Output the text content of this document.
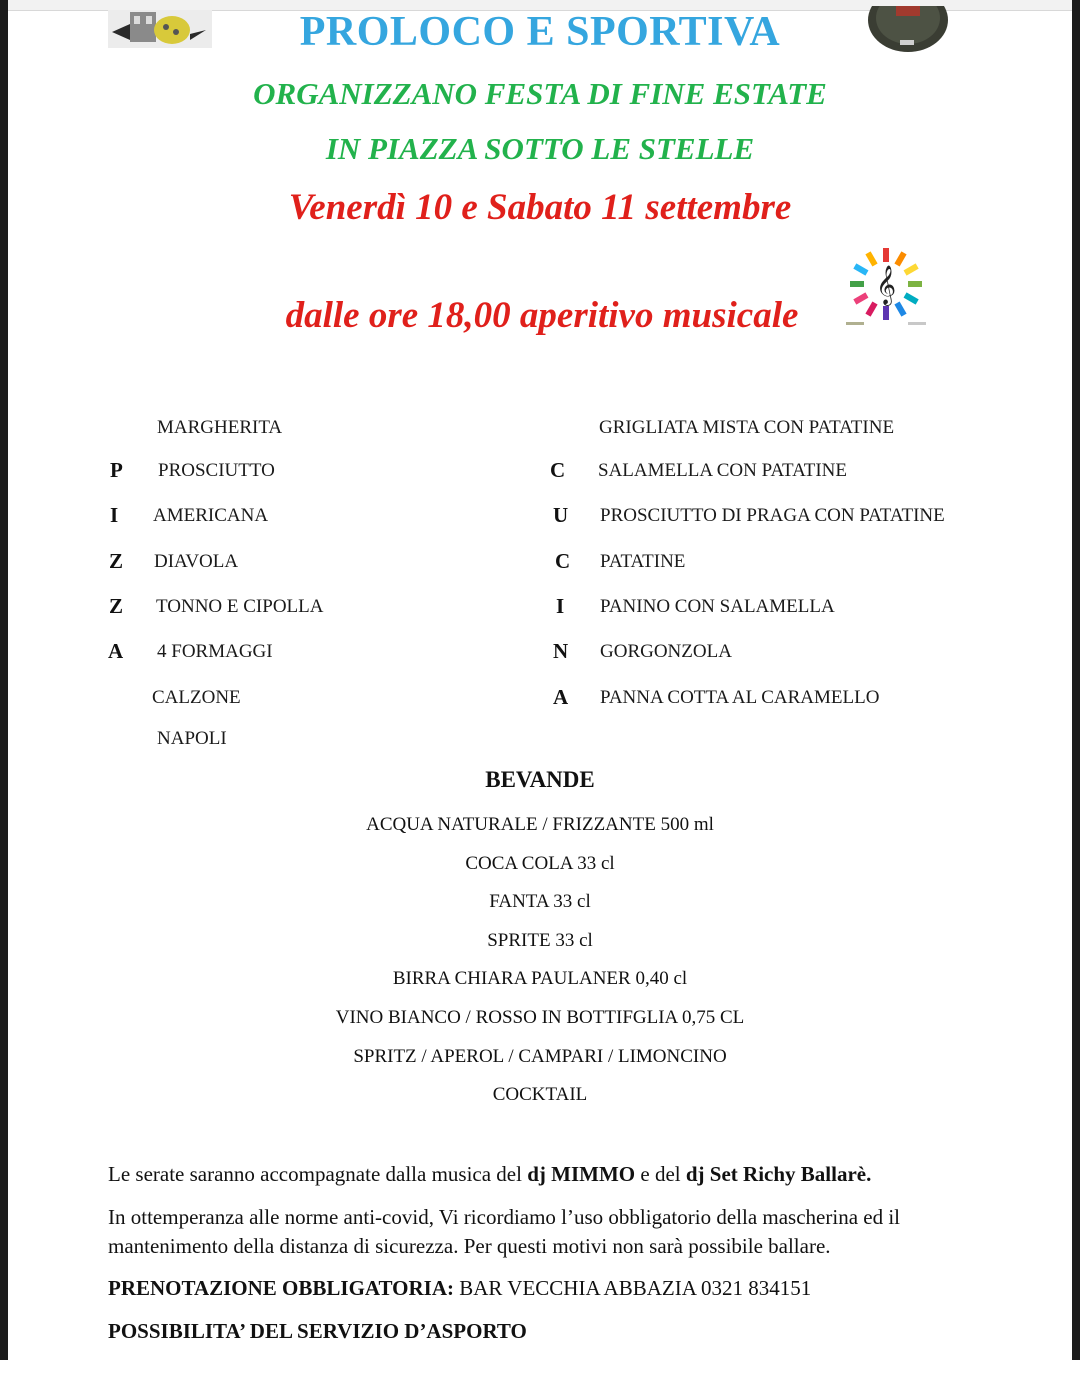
𝄞
PROLOCO E SPORTIVA
ORGANIZZANO FESTA DI FINE ESTATE
IN PIAZZA SOTTO LE STELLE
Venerdì 10 e Sabato 11 settembre
dalle ore 18,00 aperitivo musicale
P
I
Z
Z
A
MARGHERITA
PROSCIUTTO
AMERICANA
DIAVOLA
TONNO E CIPOLLA
4 FORMAGGI
CALZONE
NAPOLI
C
U
C
I
N
A
GRIGLIATA MISTA CON PATATINE
SALAMELLA CON PATATINE
PROSCIUTTO DI PRAGA CON PATATINE
PATATINE
PANINO CON SALAMELLA
GORGONZOLA
PANNA COTTA AL CARAMELLO
BEVANDE
ACQUA NATURALE / FRIZZANTE 500 ml
COCA COLA 33 cl
FANTA 33 cl
SPRITE 33 cl
BIRRA CHIARA PAULANER 0,40 cl
VINO BIANCO / ROSSO IN BOTTIFGLIA 0,75 CL
SPRITZ / APEROL / CAMPARI / LIMONCINO
COCKTAIL

Le serate saranno accompagnate dalla musica del dj MIMMO e del dj Set Richy Ballarè.

In ottemperanza alle norme anti-covid, Vi ricordiamo l’uso obbligatorio della mascherina ed il mantenimento della distanza di sicurezza. Per questi motivi non sarà possibile ballare.

PRENOTAZIONE OBBLIGATORIA: BAR VECCHIA ABBAZIA 0321 834151

POSSIBILITA’ DEL SERVIZIO D’ASPORTO
